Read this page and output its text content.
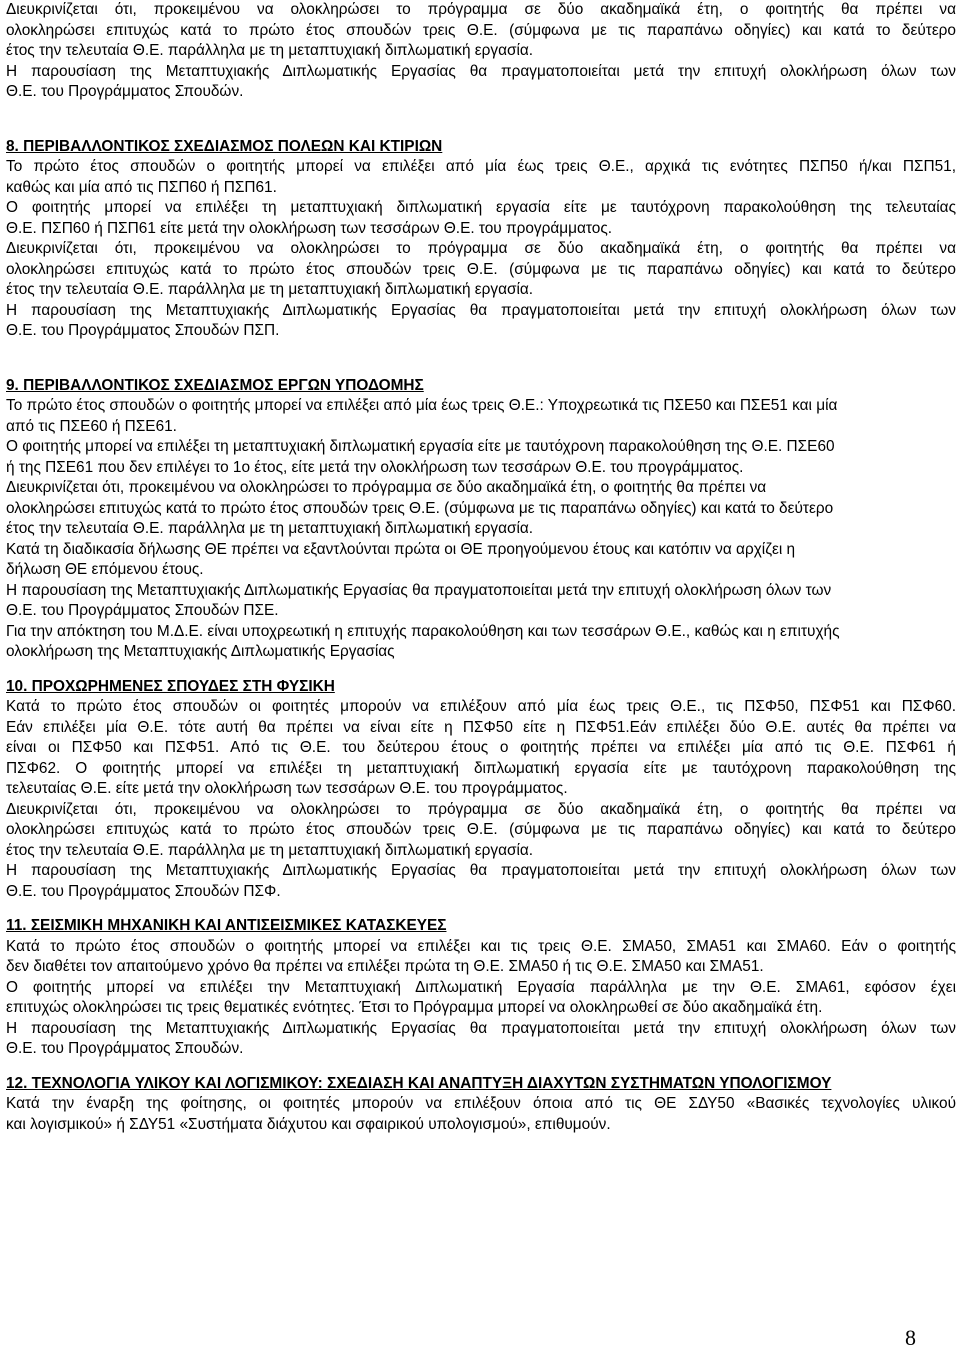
Διευκρινίζεται ότι, προκειμένου να ολοκληρώσει το πρόγραμμα σε δύο ακαδημαϊκά έτη, ο φοιτητής θα πρέπει να
ολοκληρώσει επιτυχώς κατά το πρώτο έτος σπουδών τρεις Θ.Ε. (σύμφωνα με τις παραπάνω οδηγίες) και κατά το δεύτερο
έτος την τελευταία Θ.Ε. παράλληλα με τη μεταπτυχιακή διπλωματική εργασία.
Η παρουσίαση της Μεταπτυχιακής Διπλωματικής Εργασίας θα πραγματοποιείται μετά την επιτυχή ολοκλήρωση όλων των
Θ.Ε. του Προγράμματος Σπουδών.
8. ΠΕΡΙΒΑΛΛΟΝΤΙΚΟΣ ΣΧΕΔΙΑΣΜΟΣ ΠΟΛΕΩΝ ΚΑΙ ΚΤΙΡΙΩΝ
Το πρώτο έτος σπουδών ο φοιτητής μπορεί να επιλέξει από μία έως τρεις Θ.Ε., αρχικά τις ενότητες ΠΣΠ50 ή/και ΠΣΠ51,
καθώς και μία από τις ΠΣΠ60 ή ΠΣΠ61.
Ο φοιτητής μπορεί να επιλέξει τη μεταπτυχιακή διπλωματική εργασία είτε με ταυτόχρονη παρακολούθηση της τελευταίας
Θ.Ε. ΠΣΠ60 ή ΠΣΠ61 είτε μετά την ολοκλήρωση των τεσσάρων Θ.Ε. του προγράμματος.
Διευκρινίζεται ότι, προκειμένου να ολοκληρώσει το πρόγραμμα σε δύο ακαδημαϊκά έτη, ο φοιτητής θα πρέπει να
ολοκληρώσει επιτυχώς κατά το πρώτο έτος σπουδών τρεις Θ.Ε. (σύμφωνα με τις παραπάνω οδηγίες) και κατά το δεύτερο
έτος την τελευταία Θ.Ε. παράλληλα με τη μεταπτυχιακή διπλωματική εργασία.
Η παρουσίαση της Μεταπτυχιακής Διπλωματικής Εργασίας θα πραγματοποιείται μετά την επιτυχή ολοκλήρωση όλων των
Θ.Ε. του Προγράμματος Σπουδών ΠΣΠ.
9. ΠΕΡΙΒΑΛΛΟΝΤΙΚΟΣ ΣΧΕΔΙΑΣΜΟΣ ΕΡΓΩΝ ΥΠΟΔΟΜΗΣ
Το πρώτο έτος σπουδών ο φοιτητής μπορεί να επιλέξει από μία έως τρεις Θ.Ε.: Υποχρεωτικά τις ΠΣΕ50 και ΠΣΕ51 και μία
από τις ΠΣΕ60 ή ΠΣΕ61.
Ο φοιτητής μπορεί να επιλέξει τη μεταπτυχιακή διπλωματική εργασία είτε με ταυτόχρονη παρακολούθηση της Θ.Ε. ΠΣΕ60
ή της ΠΣΕ61 που δεν επιλέγει το 1ο έτος, είτε μετά την ολοκλήρωση των τεσσάρων Θ.Ε. του προγράμματος.
Διευκρινίζεται ότι, προκειμένου να ολοκληρώσει το πρόγραμμα σε δύο ακαδημαϊκά έτη, ο φοιτητής θα πρέπει να
ολοκληρώσει επιτυχώς κατά το πρώτο έτος σπουδών τρεις Θ.Ε. (σύμφωνα με τις παραπάνω οδηγίες) και κατά το δεύτερο
έτος την τελευταία Θ.Ε. παράλληλα με τη μεταπτυχιακή διπλωματική εργασία.
Κατά τη διαδικασία δήλωσης ΘΕ πρέπει να εξαντλούνται πρώτα οι ΘΕ προηγούμενου έτους και κατόπιν να αρχίζει η
δήλωση ΘΕ επόμενου έτους.
Η παρουσίαση της Μεταπτυχιακής Διπλωματικής Εργασίας θα πραγματοποιείται μετά την επιτυχή ολοκλήρωση όλων των
Θ.Ε. του Προγράμματος Σπουδών ΠΣΕ.
Για την απόκτηση του Μ.Δ.Ε. είναι υποχρεωτική η επιτυχής παρακολούθηση και των τεσσάρων Θ.Ε., καθώς και η επιτυχής
ολοκλήρωση της Μεταπτυχιακής Διπλωματικής Εργασίας
10. ΠΡΟΧΩΡΗΜΕΝΕΣ ΣΠΟΥΔΕΣ ΣΤΗ ΦΥΣΙΚΗ
Κατά το πρώτο έτος σπουδών οι φοιτητές μπορούν να επιλέξουν από μία έως τρεις Θ.Ε., τις ΠΣΦ50, ΠΣΦ51 και ΠΣΦ60.
Εάν επιλέξει μία Θ.Ε. τότε αυτή θα πρέπει να είναι είτε η ΠΣΦ50 είτε η ΠΣΦ51.Εάν επιλέξει δύο Θ.Ε. αυτές θα πρέπει να
είναι οι ΠΣΦ50 και ΠΣΦ51. Από τις Θ.Ε. του δεύτερου έτους ο φοιτητής πρέπει να επιλέξει μία από τις Θ.Ε. ΠΣΦ61 ή
ΠΣΦ62. Ο φοιτητής μπορεί να επιλέξει τη μεταπτυχιακή διπλωματική εργασία είτε με ταυτόχρονη παρακολούθηση της
τελευταίας Θ.Ε. είτε μετά την ολοκλήρωση των τεσσάρων Θ.Ε. του προγράμματος.
Διευκρινίζεται ότι, προκειμένου να ολοκληρώσει το πρόγραμμα σε δύο ακαδημαϊκά έτη, ο φοιτητής θα πρέπει να
ολοκληρώσει επιτυχώς κατά το πρώτο έτος σπουδών τρεις Θ.Ε. (σύμφωνα με τις παραπάνω οδηγίες) και κατά το δεύτερο
έτος την τελευταία Θ.Ε. παράλληλα με τη μεταπτυχιακή διπλωματική εργασία.
Η παρουσίαση της Μεταπτυχιακής Διπλωματικής Εργασίας θα πραγματοποιείται μετά την επιτυχή ολοκλήρωση όλων των
Θ.Ε. του Προγράμματος Σπουδών ΠΣΦ.
11. ΣΕΙΣΜΙΚΗ ΜΗΧΑΝΙΚΗ ΚΑΙ ΑΝΤΙΣΕΙΣΜΙΚΕΣ ΚΑΤΑΣΚΕΥΕΣ
Κατά το πρώτο έτος σπουδών ο φοιτητής μπορεί να επιλέξει και τις τρεις Θ.Ε. ΣΜΑ50, ΣΜΑ51 και ΣΜΑ60. Εάν ο φοιτητής
δεν διαθέτει τον απαιτούμενο χρόνο θα πρέπει να επιλέξει πρώτα τη Θ.Ε. ΣΜΑ50 ή τις Θ.Ε. ΣΜΑ50 και ΣΜΑ51.
Ο φοιτητής μπορεί να επιλέξει την Μεταπτυχιακή Διπλωματική Εργασία παράλληλα με την Θ.Ε. ΣΜΑ61, εφόσον έχει
επιτυχώς ολοκληρώσει τις τρεις θεματικές ενότητες. Έτσι το Πρόγραμμα μπορεί να ολοκληρωθεί σε δύο ακαδημαϊκά έτη.
Η παρουσίαση της Μεταπτυχιακής Διπλωματικής Εργασίας θα πραγματοποιείται μετά την επιτυχή ολοκλήρωση όλων των
Θ.Ε. του Προγράμματος Σπουδών.
12. ΤΕΧΝΟΛΟΓΙΑ ΥΛΙΚΟΥ ΚΑΙ ΛΟΓΙΣΜΙΚΟΥ: ΣΧΕΔΙΑΣΗ ΚΑΙ ΑΝΑΠΤΥΞΗ ΔΙΑΧΥΤΩΝ ΣΥΣΤΗΜΑΤΩΝ ΥΠΟΛΟΓΙΣΜΟΥ
Κατά την έναρξη της φοίτησης, οι φοιτητές μπορούν να επιλέξουν όποια από τις ΘΕ ΣΔΥ50 «Βασικές τεχνολογίες υλικού
και λογισμικού» ή ΣΔΥ51 «Συστήματα διάχυτου και σφαιρικού υπολογισμού», επιθυμούν.
8
